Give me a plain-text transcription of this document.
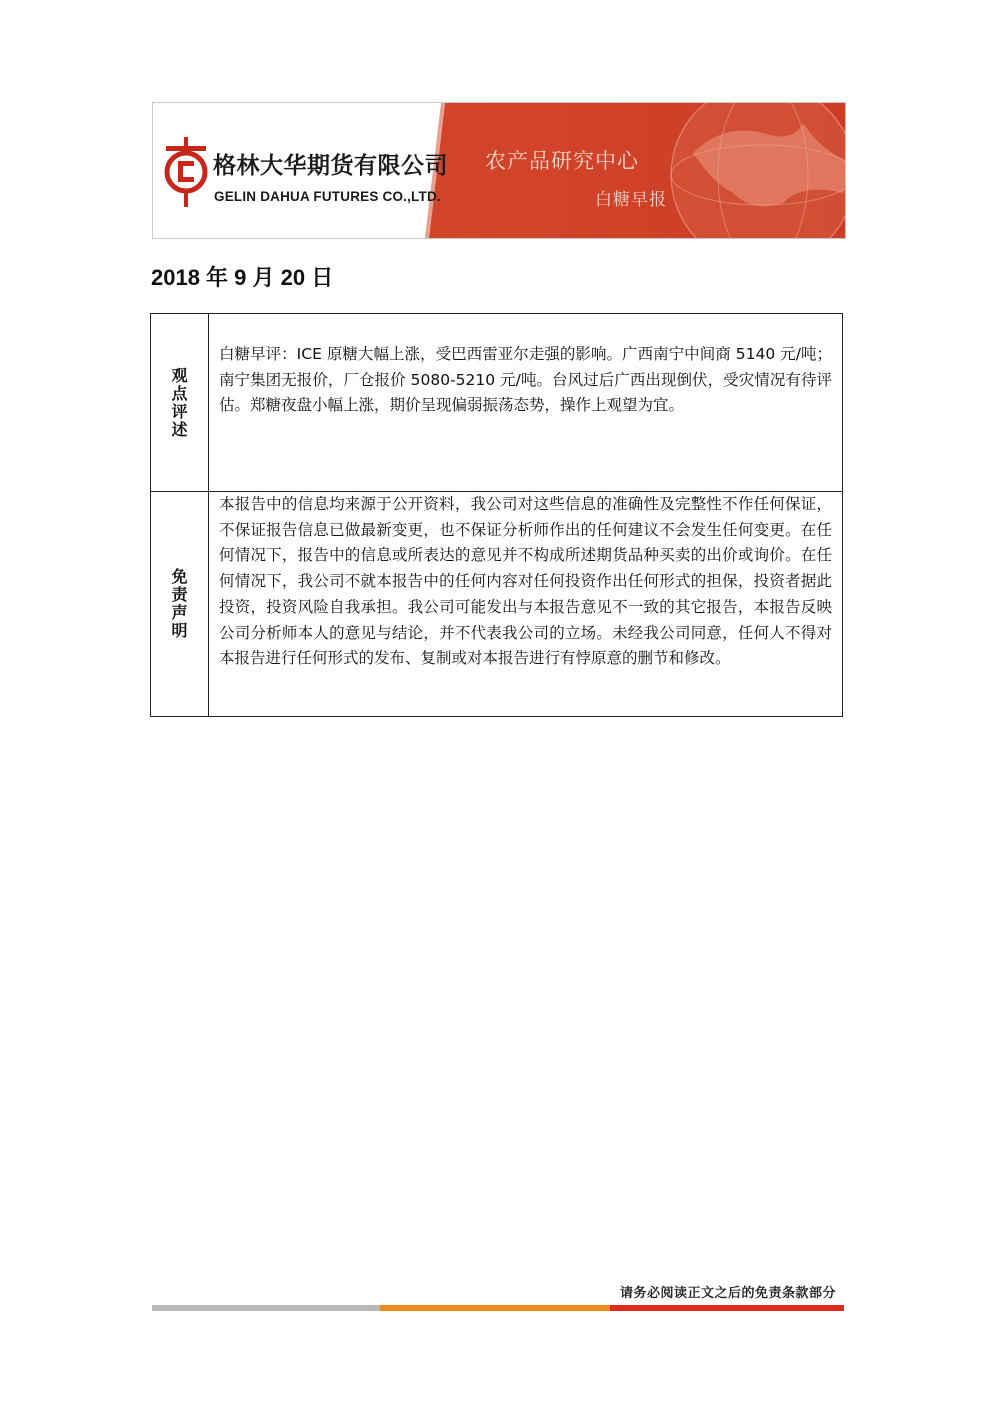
格林大华期货有限公司
GELIN DAHUA FUTURES CO.,LTD.
农产品研究中心
白糖早报
2018 年 9 月 20 日
观点评述	白糖早评：ICE 原糖大幅上涨，受巴西雷亚尔走强的影响。广西南宁中间商 5140 元/吨；南宁集团无报价，厂仓报价 5080-5210 元/吨。台风过后广西出现倒伏，受灾情况有待评估。郑糖夜盘小幅上涨，期价呈现偏弱振荡态势，操作上观望为宜。
免责声明	本报告中的信息均来源于公开资料，我公司对这些信息的准确性及完整性不作任何保证，不保证报告信息已做最新变更，也不保证分析师作出的任何建议不会发生任何变更。在任何情况下，报告中的信息或所表达的意见并不构成所述期货品种买卖的出价或询价。在任何情况下，我公司不就本报告中的任何内容对任何投资作出任何形式的担保，投资者据此投资，投资风险自我承担。我公司可能发出与本报告意见不一致的其它报告，本报告反映公司分析师本人的意见与结论，并不代表我公司的立场。未经我公司同意，任何人不得对本报告进行任何形式的发布、复制或对本报告进行有悖原意的删节和修改。
请务必阅读正文之后的免责条款部分
